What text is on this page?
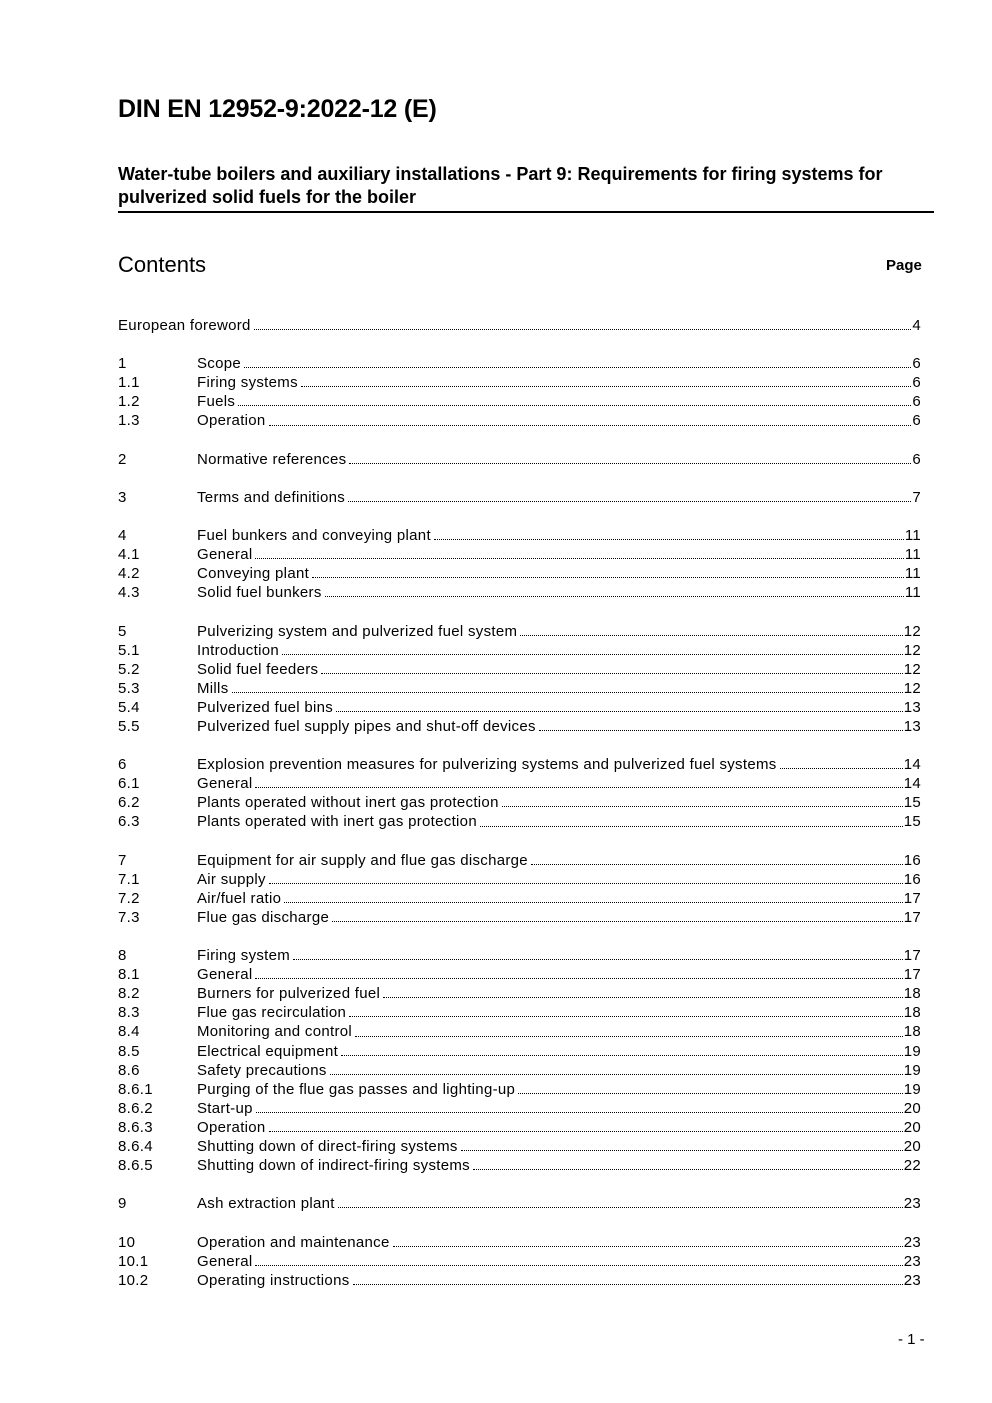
DIN EN 12952-9:2022-12 (E)
Water-tube boilers and auxiliary installations - Part 9: Requirements for firing systems for pulverized solid fuels for the boiler
Contents	Page
European foreword	4
1	Scope	6
1.1	Firing systems	6
1.2	Fuels	6
1.3	Operation	6
2	Normative references	6
3	Terms and definitions	7
4	Fuel bunkers and conveying plant	11
4.1	General	11
4.2	Conveying plant	11
4.3	Solid fuel bunkers	11
5	Pulverizing system and pulverized fuel system	12
5.1	Introduction	12
5.2	Solid fuel feeders	12
5.3	Mills	12
5.4	Pulverized fuel bins	13
5.5	Pulverized fuel supply pipes and shut-off devices	13
6	Explosion prevention measures for pulverizing systems and pulverized fuel systems	14
6.1	General	14
6.2	Plants operated without inert gas protection	15
6.3	Plants operated with inert gas protection	15
7	Equipment for air supply and flue gas discharge	16
7.1	Air supply	16
7.2	Air/fuel ratio	17
7.3	Flue gas discharge	17
8	Firing system	17
8.1	General	17
8.2	Burners for pulverized fuel	18
8.3	Flue gas recirculation	18
8.4	Monitoring and control	18
8.5	Electrical equipment	19
8.6	Safety precautions	19
8.6.1	Purging of the flue gas passes and lighting-up	19
8.6.2	Start-up	20
8.6.3	Operation	20
8.6.4	Shutting down of direct-firing systems	20
8.6.5	Shutting down of indirect-firing systems	22
9	Ash extraction plant	23
10	Operation and maintenance	23
10.1	General	23
10.2	Operating instructions	23
- 1 -
